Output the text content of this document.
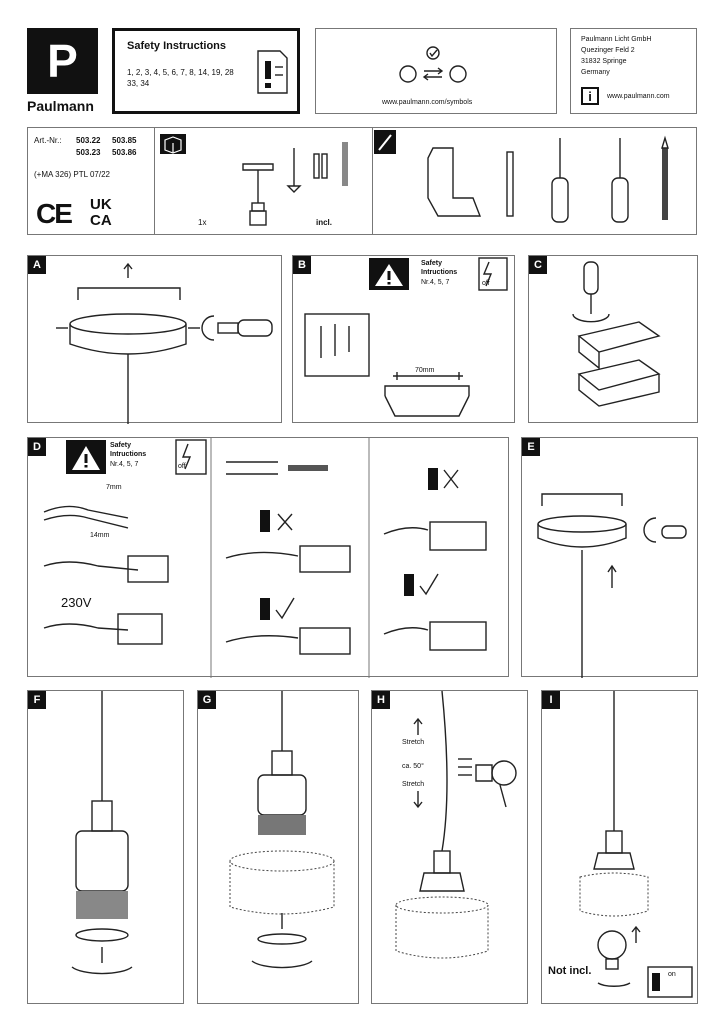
P
Paulmann
Safety Instructions
1, 2, 3, 4, 5, 6, 7, 8, 14, 19, 28
33, 34
www.paulmann.com/symbols
Paulmann Licht GmbH
Quezinger Feld 2
31832 Springe
Germany
i www.paulmann.com
Art.-Nr.: 503.22 503.85
503.23 503.86
(+MA 326) PTL 07/22
CE UK
CA	1x	incl.
A	B	Safety
Intructions
Nr.4, 5, 7	off
70mm
C
D	Safety
Intructions
Nr.4, 5, 7	off
7mm
14mm
230V
E
F	G	H
Stretch
ca. 50°
Stretch
I
Not incl.	on
